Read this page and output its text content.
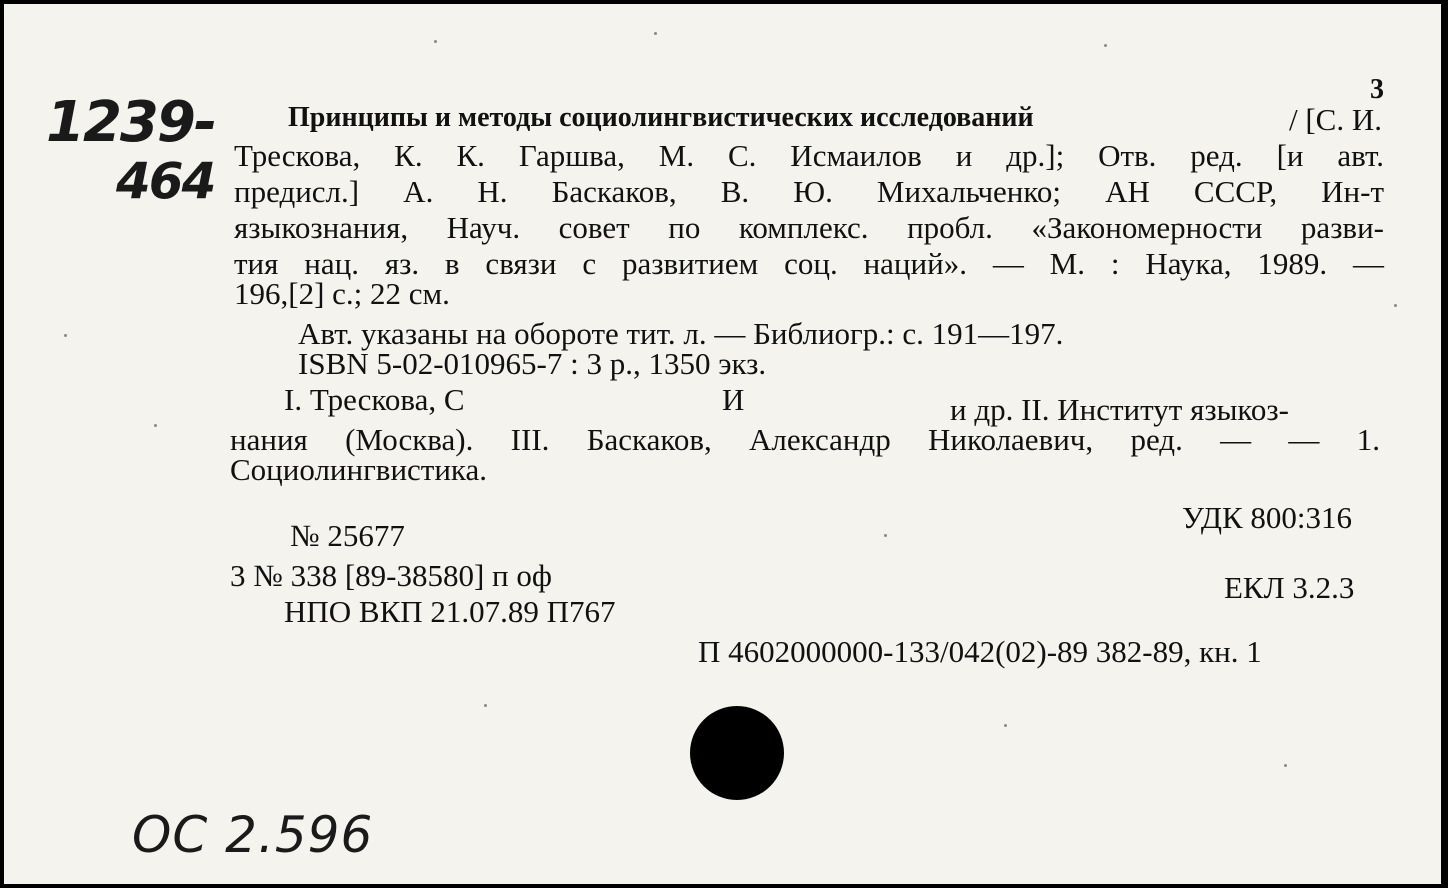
1239-
464
3
Принципы и методы социолингвистических исследований	/ [С. И.
Трескова, К. К. Гаршва, М. С. Исмаилов и др.]; Отв. ред. [и авт.
предисл.] А. Н. Баскаков, В. Ю. Михальченко; АН СССР, Ин-т
языкознания, Науч. совет по комплекс. пробл. «Закономерности разви-
тия нац. яз. в связи с развитием соц. наций». — М. : Наука, 1989. —
196,[2] с.; 22 см.
Авт. указаны на обороте тит. л. — Библиогр.: с. 191—197.
ISBN 5-02-010965-7 : 3 р., 1350 экз.
I. Трескова, С	И	и др. II. Институт языкоз-
нания (Москва). III. Баскаков, Александр Николаевич, ред. — — 1.
Социолингвистика.
УДК 800:316
ЕКЛ 3.2.3
№ 25677
3 № 338 [89-38580] п оф
НПО ВКП 21.07.89 П767
П 4602000000-133/042(02)-89 382-89, кн. 1
ОС 2.596
